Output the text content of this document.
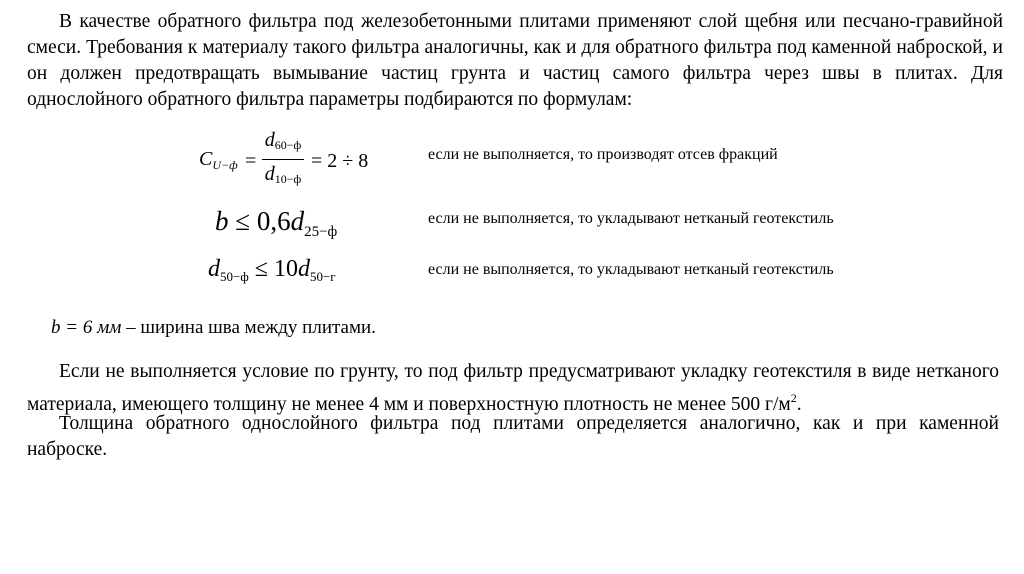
В качестве обратного фильтра под железобетонными плитами применяют слой щебня или песчано-гравийной смеси. Требования к материалу такого фильтра аналогичны, как и для обратного фильтра под каменной наброской, и он должен предотвращать вымывание частиц грунта и частиц самого фильтра через швы в плитах. Для однослойного обратного фильтра параметры подбираются по формулам:

$C_{U-ф}$ =
$d_{60-ф}$
$d_{10-ф}$
= 2 ÷ 8	если не выполняется, то производят отсев фракций
$b \le 0,6d_{25-ф}$
если не выполняется, то укладывают нетканый геотекстиль
$d_{50-ф} \le 10d_{50-г}$	если не выполняется, то укладывают нетканый геотекстиль

b = 6 мм – ширина шва между плитами.

Если не выполняется условие по грунту, то под фильтр предусматривают укладку геотекстиля в виде нетканого материала, имеющего толщину не менее 4 мм и поверхностную плотность не менее 500 $г/м^2$.

Толщина обратного однослойного фильтра под плитами определяется аналогично, как и при каменной наброске.
